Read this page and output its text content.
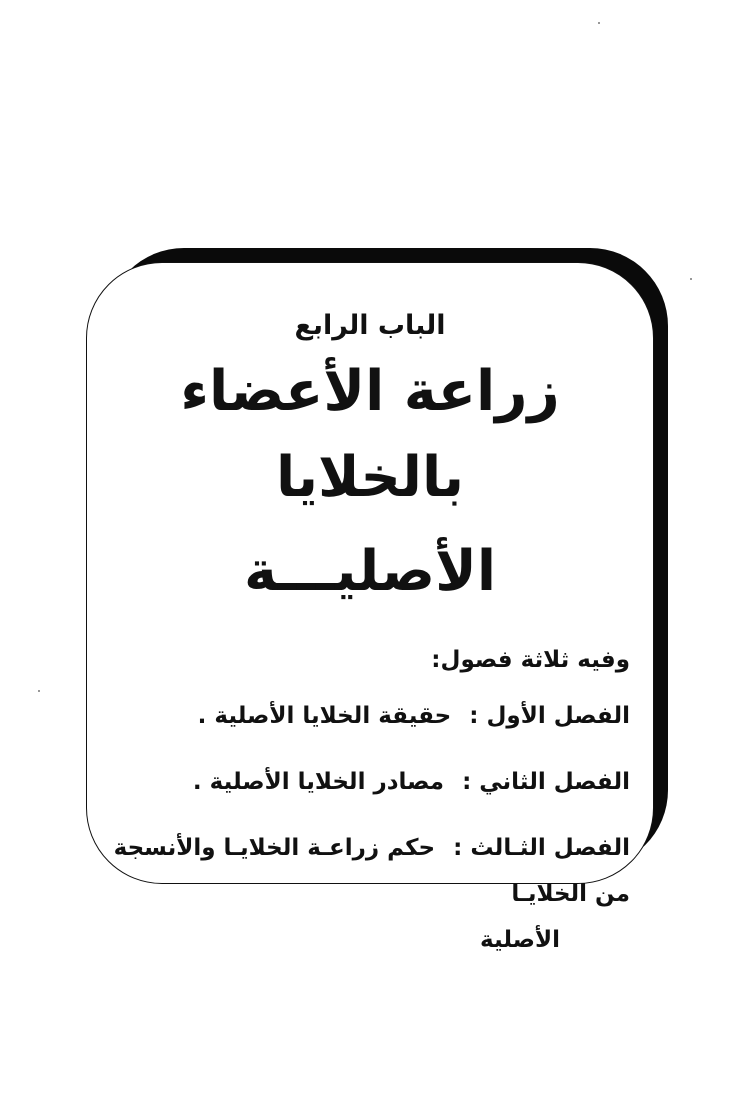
الباب الرابع

زراعة الأعضاء بالخلايا

الأصليـــة

وفيه ثلاثة فصول:

الفصل الأول : حقيقة الخلايا الأصلية .

الفصل الثاني : مصادر الخلايا الأصلية .

الفصل الثـالث : حكم زراعـة الخلايـا والأنسجة من الخلايـا
الأصلية
